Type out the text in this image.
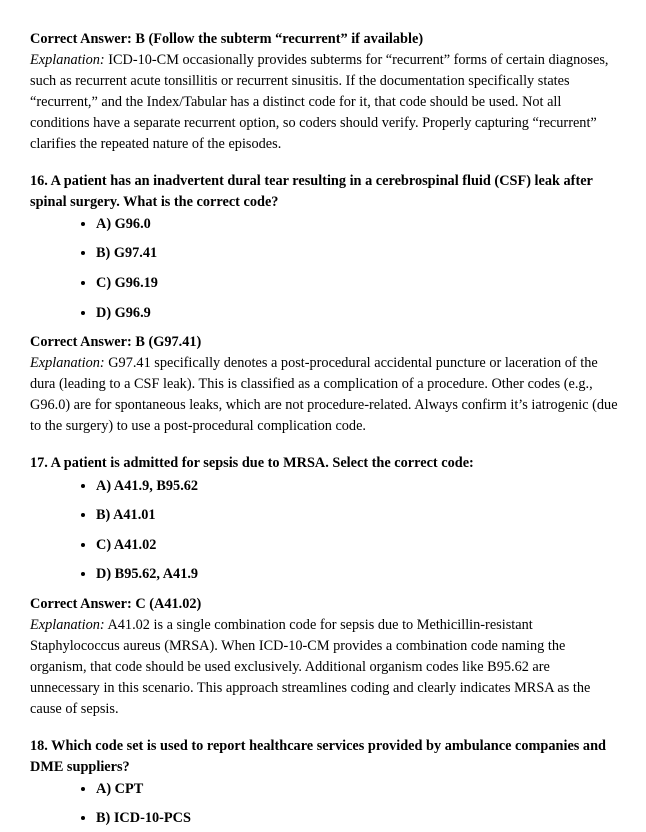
Correct Answer: B (Follow the subterm “recurrent” if available)

Explanation: ICD-10-CM occasionally provides subterms for “recurrent” forms of certain diagnoses, such as recurrent acute tonsillitis or recurrent sinusitis. If the documentation specifically states “recurrent,” and the Index/Tabular has a distinct code for it, that code should be used. Not all conditions have a separate recurrent option, so coders should verify. Properly capturing “recurrent” clarifies the repeated nature of the episodes.

16. A patient has an inadvertent dural tear resulting in a cerebrospinal fluid (CSF) leak after spinal surgery. What is the correct code?

• A) G96.0
• B) G97.41
• C) G96.19
• D) G96.9

Correct Answer: B (G97.41)

Explanation: G97.41 specifically denotes a post-procedural accidental puncture or laceration of the dura (leading to a CSF leak). This is classified as a complication of a procedure. Other codes (e.g., G96.0) are for spontaneous leaks, which are not procedure-related. Always confirm it’s iatrogenic (due to the surgery) to use a post-procedural complication code.

17. A patient is admitted for sepsis due to MRSA. Select the correct code:

• A) A41.9, B95.62
• B) A41.01
• C) A41.02
• D) B95.62, A41.9

Correct Answer: C (A41.02)

Explanation: A41.02 is a single combination code for sepsis due to Methicillin-resistant Staphylococcus aureus (MRSA). When ICD-10-CM provides a combination code naming the organism, that code should be used exclusively. Additional organism codes like B95.62 are unnecessary in this scenario. This approach streamlines coding and clearly indicates MRSA as the cause of sepsis.

18. Which code set is used to report healthcare services provided by ambulance companies and DME suppliers?

• A) CPT
• B) ICD-10-PCS
